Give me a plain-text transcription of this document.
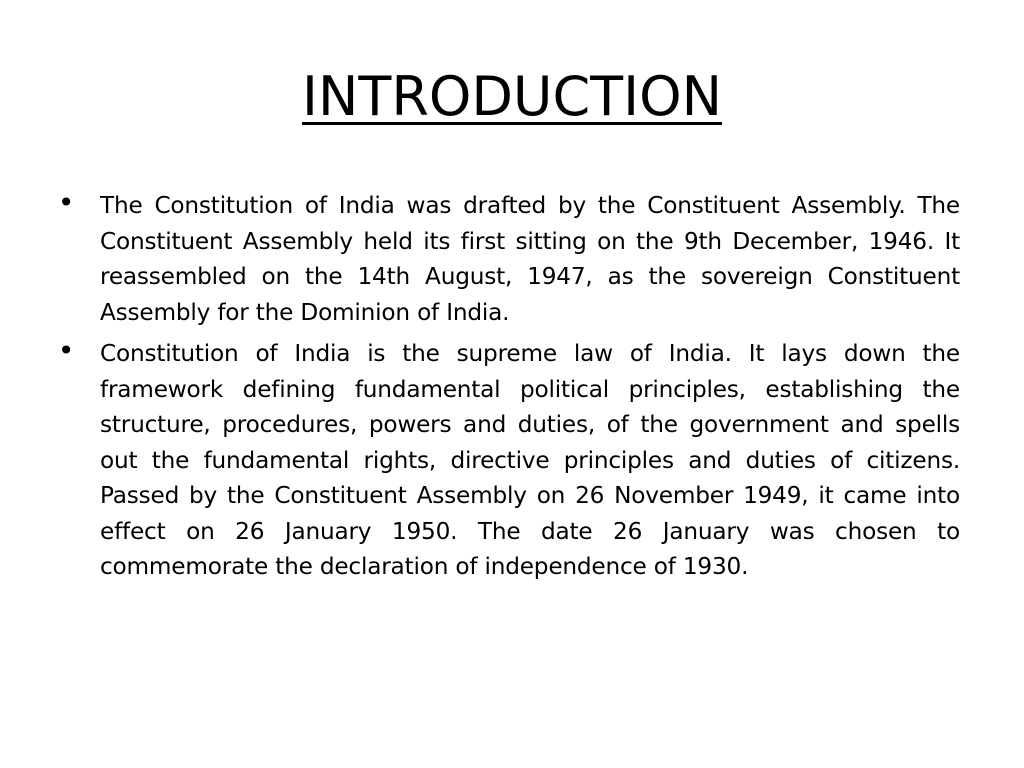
INTRODUCTION
• The Constitution of India was drafted by the Constituent Assembly. The Constituent Assembly held its first sitting on the 9th December, 1946. It reassembled on the 14th August, 1947, as the sovereign Constituent Assembly for the Dominion of India.
• Constitution of India is the supreme law of India. It lays down the framework defining fundamental political principles, establishing the structure, procedures, powers and duties, of the government and spells out the fundamental rights, directive principles and duties of citizens. Passed by the Constituent Assembly on 26 November 1949, it came into effect on 26 January 1950. The date 26 January was chosen to commemorate the declaration of independence of 1930.
